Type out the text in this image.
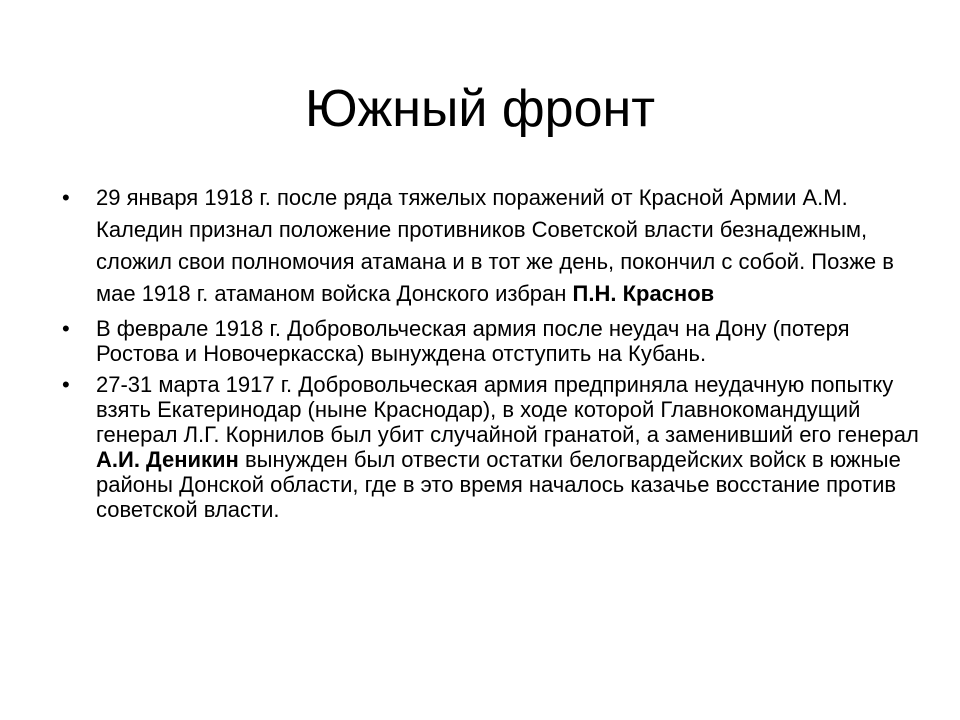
Южный фронт
• 29 января 1918 г. после ряда тяжелых поражений от Красной Армии А.М. Каледин признал положение противников Советской власти безнадежным, сложил свои полномочия атамана и в тот же день, покончил с собой. Позже в мае 1918 г. атаманом войска Донского избран П.Н. Краснов
• В феврале 1918 г. Добровольческая армия после неудач на Дону (потеря Ростова и Новочеркасска) вынуждена отступить на Кубань.
• 27-31 марта 1917 г. Добровольческая армия предприняла неудачную попытку взять Екатеринодар (ныне Краснодар), в ходе которой Главнокомандущий генерал Л.Г. Корнилов был убит случайной гранатой, а заменивший его генерал А.И. Деникин вынужден был отвести остатки белогвардейских войск в южные районы Донской области, где в это время началось казачье восстание против советской власти.
